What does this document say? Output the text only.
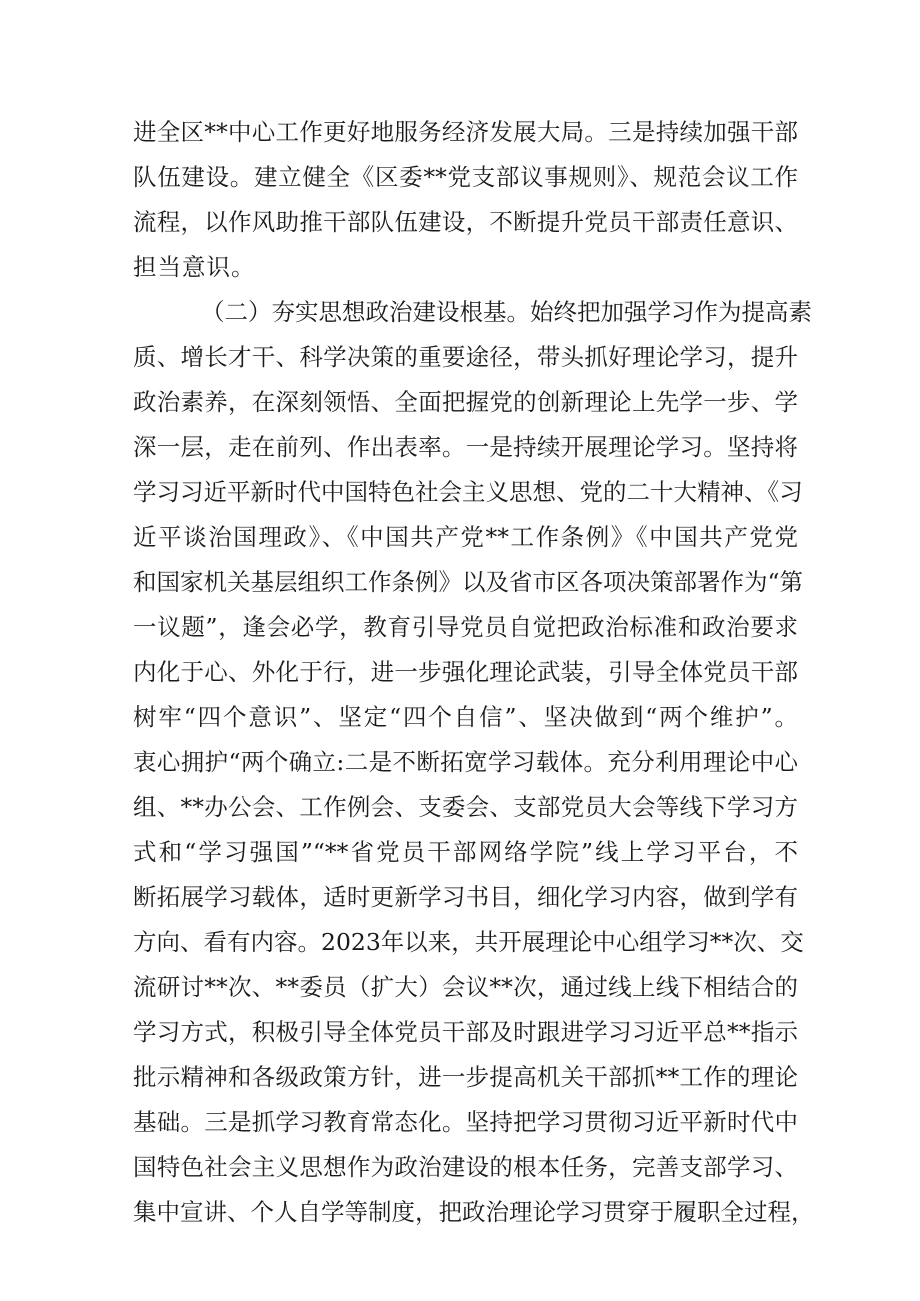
进全区**中心工作更好地服务经济发展大局。三是持续加强干部
队伍建设。建立健全《区委**党支部议事规则》、规范会议工作
流程，以作风助推干部队伍建设，不断提升党员干部责任意识、
担当意识。
（二）夯实思想政治建设根基。始终把加强学习作为提高素
质、增长才干、科学决策的重要途径，带头抓好理论学习，提升
政治素养，在深刻领悟、全面把握党的创新理论上先学一步、学
深一层，走在前列、作出表率。一是持续开展理论学习。坚持将
学习习近平新时代中国特色社会主义思想、党的二十大精神、《习
近平谈治国理政》、《中国共产党**工作条例》《中国共产党党
和国家机关基层组织工作条例》以及省市区各项决策部署作为“第
一议题”，逢会必学，教育引导党员自觉把政治标准和政治要求
内化于心、外化于行，进一步强化理论武装，引导全体党员干部
树牢“四个意识”、坚定“四个自信”、坚决做到“两个维护”。
衷心拥护“两个确立:二是不断拓宽学习载体。充分利用理论中心
组、**办公会、工作例会、支委会、支部党员大会等线下学习方
式和“学习强国”“**省党员干部网络学院”线上学习平台，不
断拓展学习载体，适时更新学习书目，细化学习内容，做到学有
方向、看有内容。2023年以来，共开展理论中心组学习**次、交
流研讨**次、**委员（扩大）会议**次，通过线上线下相结合的
学习方式，积极引导全体党员干部及时跟进学习习近平总**指示
批示精神和各级政策方针，进一步提高机关干部抓**工作的理论
基础。三是抓学习教育常态化。坚持把学习贯彻习近平新时代中
国特色社会主义思想作为政治建设的根本任务，完善支部学习、
集中宣讲、个人自学等制度，把政治理论学习贯穿于履职全过程，
